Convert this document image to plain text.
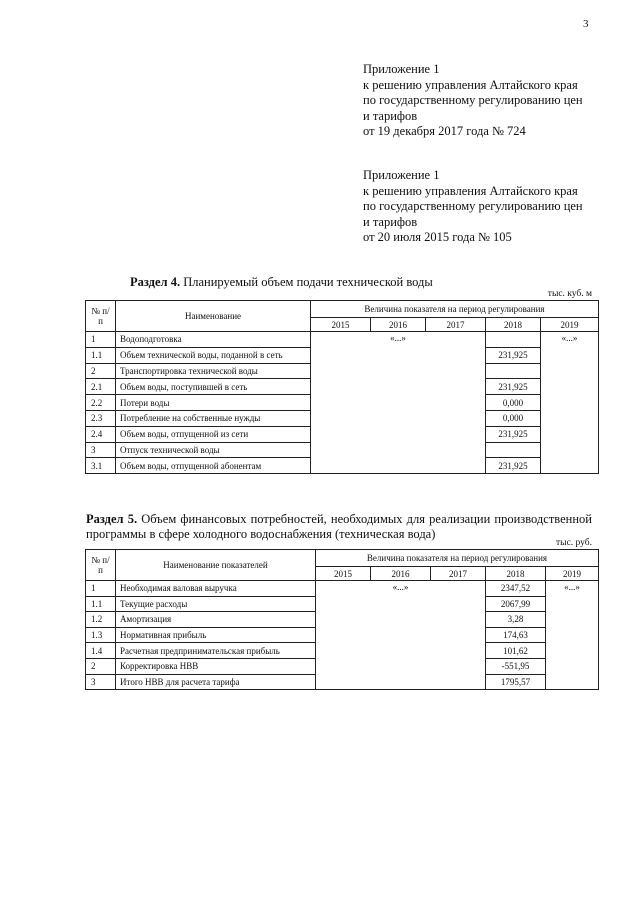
3
Приложение 1
к решению управления Алтайского края
по государственному регулированию цен
и тарифов
от 19 декабря 2017 года № 724
Приложение 1
к решению управления Алтайского края
по государственному регулированию цен
и тарифов
от 20 июля 2015 года № 105
Раздел 4. Планируемый объем подачи технической воды
тыс. куб. м
№ п/п	Наименование	Величина показателя на период регулирования				
		2015	2016	2017	2018	2019
1	Водоподготовка	«...»				«...»
1.1	Объем технической воды, поданной в сеть				231,925	
2	Транспортировка технической воды					
2.1	Объем воды, поступившей в сеть				231,925	
2.2	Потери воды				0,000	
2.3	Потребление на собственные нужды				0,000	
2.4	Объем воды, отпущенной из сети				231,925	
3	Отпуск технической воды					
3.1	Объем воды, отпущенной абонентам				231,925	
Раздел 5. Объем финансовых потребностей, необходимых для реализации производственной программы в сфере холодного водоснабжения (техническая вода)
тыс. руб.
№ п/п	Наименование показателей	Величина показателя на период регулирования				
		2015	2016	2017	2018	2019
1	Необходимая валовая выручка	«...»			2347,52	«...»
1.1	Текущие расходы				2067,99	
1.2	Амортизация				3,28	
1.3	Нормативная прибыль				174,63	
1.4	Расчетная предпринимательская прибыль				101,62	
2	Корректировка НВВ				-551,95	
3	Итого НВВ для расчета тарифа				1795,57	
